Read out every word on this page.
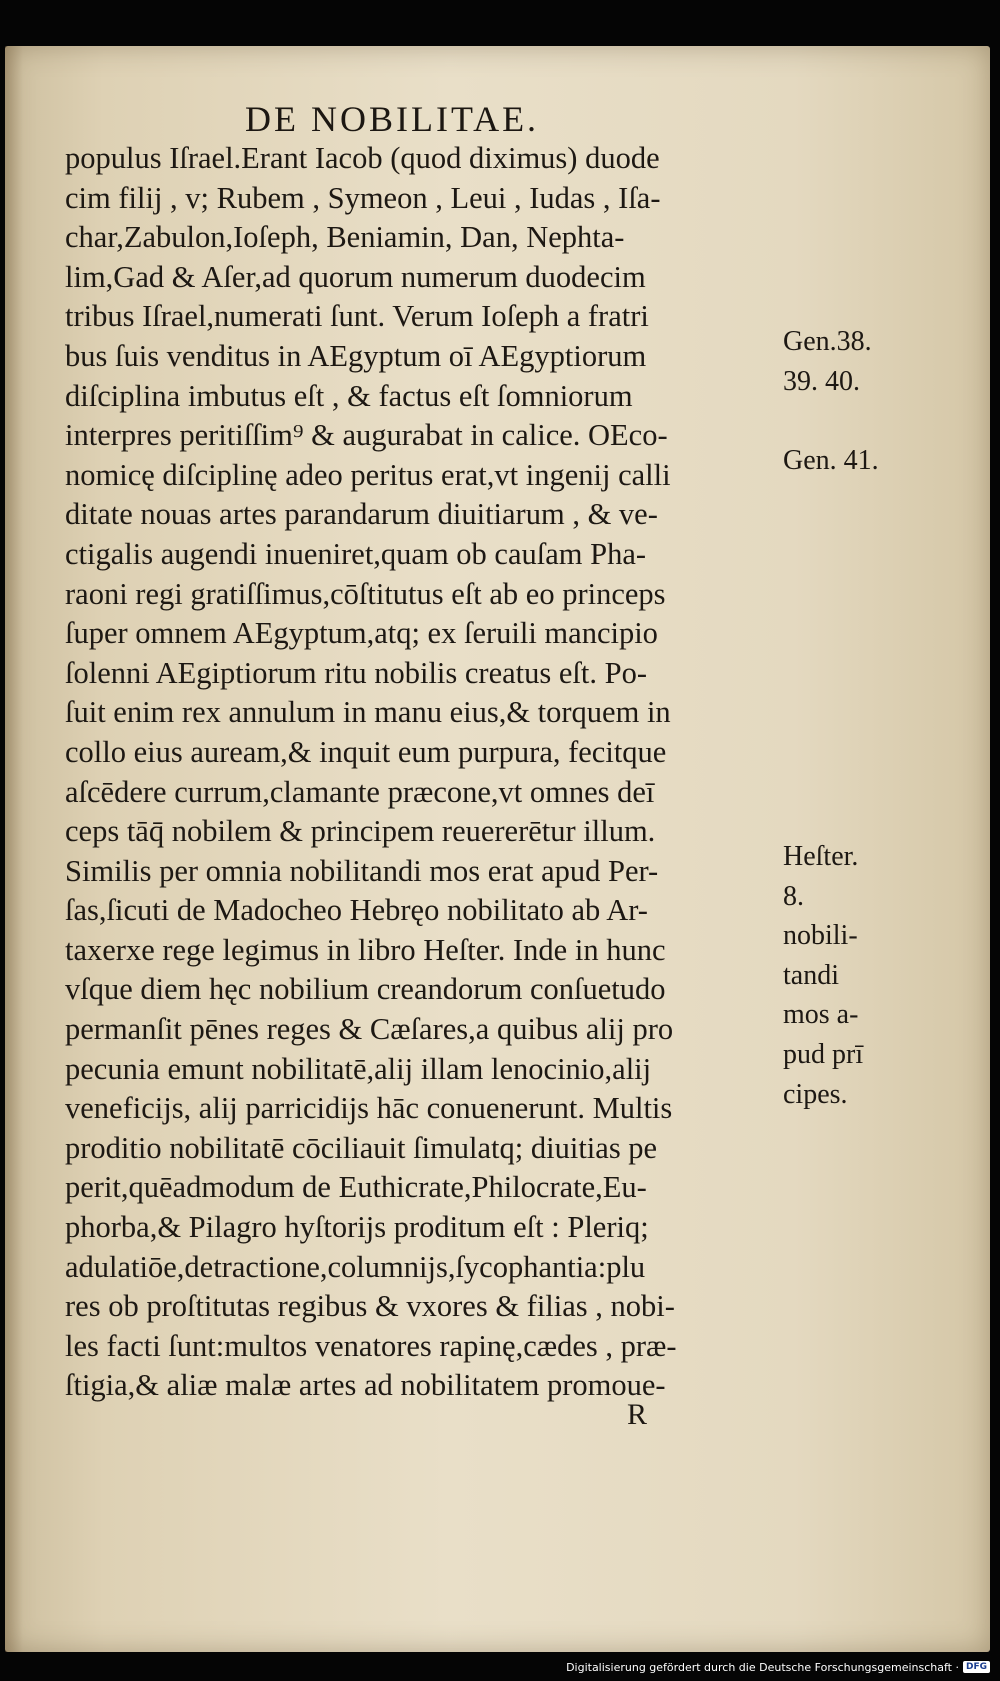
DE NOBILITAE.
populus Iſrael.Erant Iacob (quod diximus) duode
cim filij , v; Rubem , Symeon , Leui , Iudas , Iſa-
char,Zabulon,Ioſeph, Beniamin, Dan, Nephta-
lim,Gad & Aſer,ad quorum numerum duodecim
tribus Iſrael,numerati ſunt. Verum Ioſeph a fratri
bus ſuis venditus in AEgyptum oī AEgyptiorum
diſciplina imbutus eſt , & factus eſt ſomniorum
interpres peritiſſim⁹ & augurabat in calice. OEco-
nomicę diſciplinę adeo peritus erat,vt ingenij calli
ditate nouas artes parandarum diuitiarum , & ve-
ctigalis augendi inueniret,quam ob cauſam Pha-
raoni regi gratiſſimus,cōſtitutus eſt ab eo princeps
ſuper omnem AEgyptum,atq; ex ſeruili mancipio
ſolenni AEgiptiorum ritu nobilis creatus eſt. Po-
ſuit enim rex annulum in manu eius,& torquem in
collo eius auream,& inquit eum purpura, fecitque
aſcēdere currum,clamante præcone,vt omnes deī
ceps tāq̄ nobilem & principem reuererētur illum.
Similis per omnia nobilitandi mos erat apud Per-
ſas,ſicuti de Madocheo Hebręo nobilitato ab Ar-
taxerxe rege legimus in libro Heſter. Inde in hunc
vſque diem hęc nobilium creandorum conſuetudo
permanſit pēnes reges & Cæſares,a quibus alij pro
pecunia emunt nobilitatē,alij illam lenocinio,alij
veneficijs, alij parricidijs hāc conuenerunt. Multis
proditio nobilitatē cōciliauit ſimulatq; diuitias pe
perit,quēadmodum de Euthicrate,Philocrate,Eu-
phorba,& Pilagro hyſtorijs proditum eſt : Pleriq;
adulatiōe,detractione,columnijs,ſycophantia:plu
res ob proſtitutas regibus & vxores & filias , nobi-
les facti ſunt:multos venatores rapinę,cædes , præ-
ſtigia,& aliæ malæ artes ad nobilitatem promoue-
Gen.38.
39. 40.
Gen. 41.
Heſter.
8.
nobili-
tandi
mos a-
pud prī
cipes.
R
Digitalisierung gefördert durch die Deutsche Forschungsgemeinschaft · DFG
